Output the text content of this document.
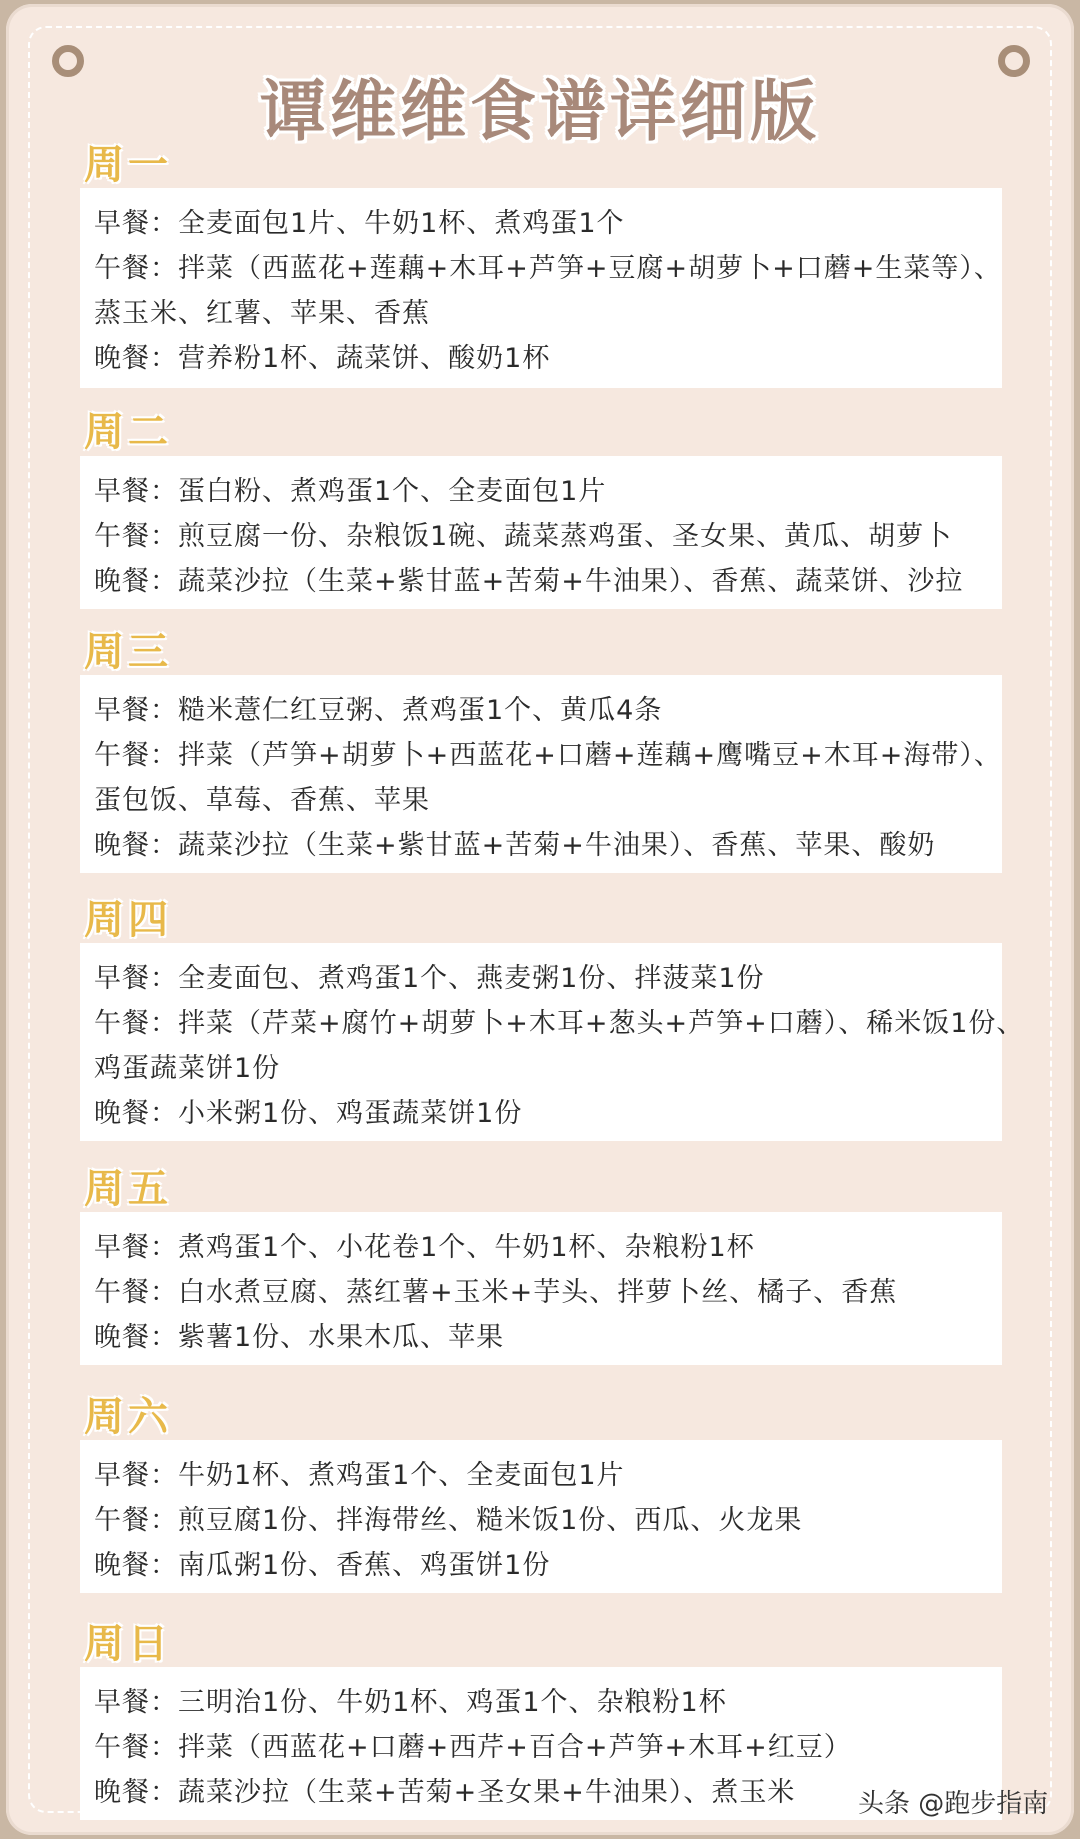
谭维维食谱详细版
周一
早餐：全麦面包1片、牛奶1杯、煮鸡蛋1个
午餐：拌菜（西蓝花+莲藕+木耳+芦笋+豆腐+胡萝卜+口蘑+生菜等）、
蒸玉米、红薯、苹果、香蕉
晚餐：营养粉1杯、蔬菜饼、酸奶1杯
周二
早餐：蛋白粉、煮鸡蛋1个、全麦面包1片
午餐：煎豆腐一份、杂粮饭1碗、蔬菜蒸鸡蛋、圣女果、黄瓜、胡萝卜
晚餐：蔬菜沙拉（生菜+紫甘蓝+苦菊+牛油果）、香蕉、蔬菜饼、沙拉
周三
早餐：糙米薏仁红豆粥、煮鸡蛋1个、黄瓜4条
午餐：拌菜（芦笋+胡萝卜+西蓝花+口蘑+莲藕+鹰嘴豆+木耳+海带）、
蛋包饭、草莓、香蕉、苹果
晚餐：蔬菜沙拉（生菜+紫甘蓝+苦菊+牛油果）、香蕉、苹果、酸奶
周四
早餐：全麦面包、煮鸡蛋1个、燕麦粥1份、拌菠菜1份
午餐：拌菜（芹菜+腐竹+胡萝卜+木耳+葱头+芦笋+口蘑）、稀米饭1份、
鸡蛋蔬菜饼1份
晚餐：小米粥1份、鸡蛋蔬菜饼1份
周五
早餐：煮鸡蛋1个、小花卷1个、牛奶1杯、杂粮粉1杯
午餐：白水煮豆腐、蒸红薯+玉米+芋头、拌萝卜丝、橘子、香蕉
晚餐：紫薯1份、水果木瓜、苹果
周六
早餐：牛奶1杯、煮鸡蛋1个、全麦面包1片
午餐：煎豆腐1份、拌海带丝、糙米饭1份、西瓜、火龙果
晚餐：南瓜粥1份、香蕉、鸡蛋饼1份
周日
早餐：三明治1份、牛奶1杯、鸡蛋1个、杂粮粉1杯
午餐：拌菜（西蓝花+口蘑+西芹+百合+芦笋+木耳+红豆）
晚餐：蔬菜沙拉（生菜+苦菊+圣女果+牛油果）、煮玉米	头条 @跑步指南
